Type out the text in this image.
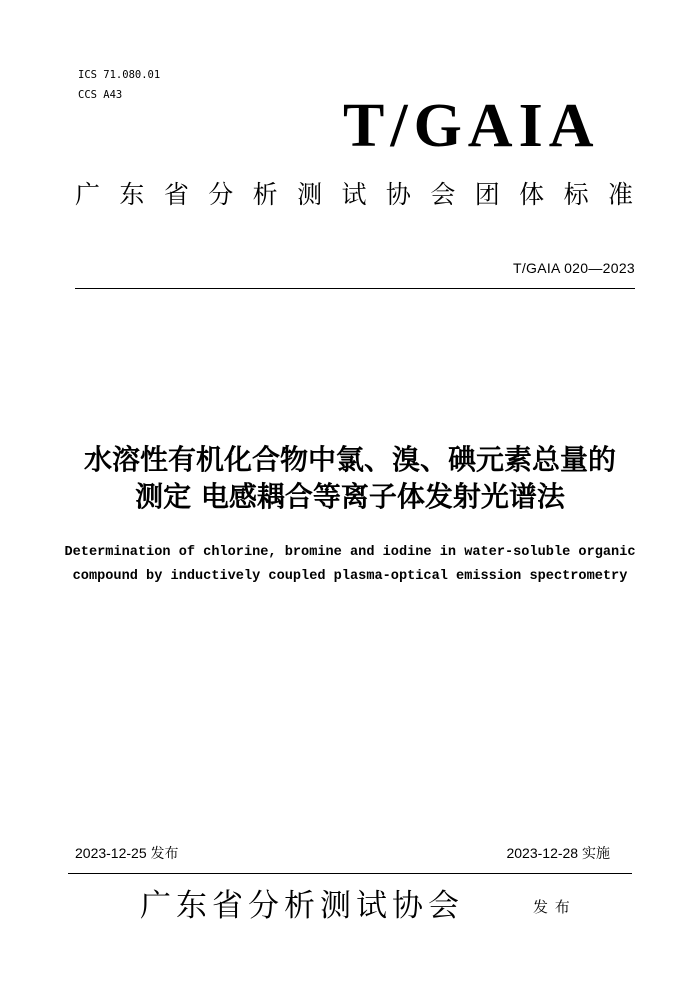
ICS 71.080.01
CCS A43	T/GAIA
广 东 省 分 析 测 试 协 会 团 体 标 准
T/GAIA 020—2023
水溶性有机化合物中氯、溴、碘元素总量的
测定 电感耦合等离子体发射光谱法
Determination of chlorine, bromine and iodine in water-soluble organic
compound by inductively coupled plasma-optical emission spectrometry
2023-12-25 发布	2023-12-28 实施
广东省分析测试协会	发 布
